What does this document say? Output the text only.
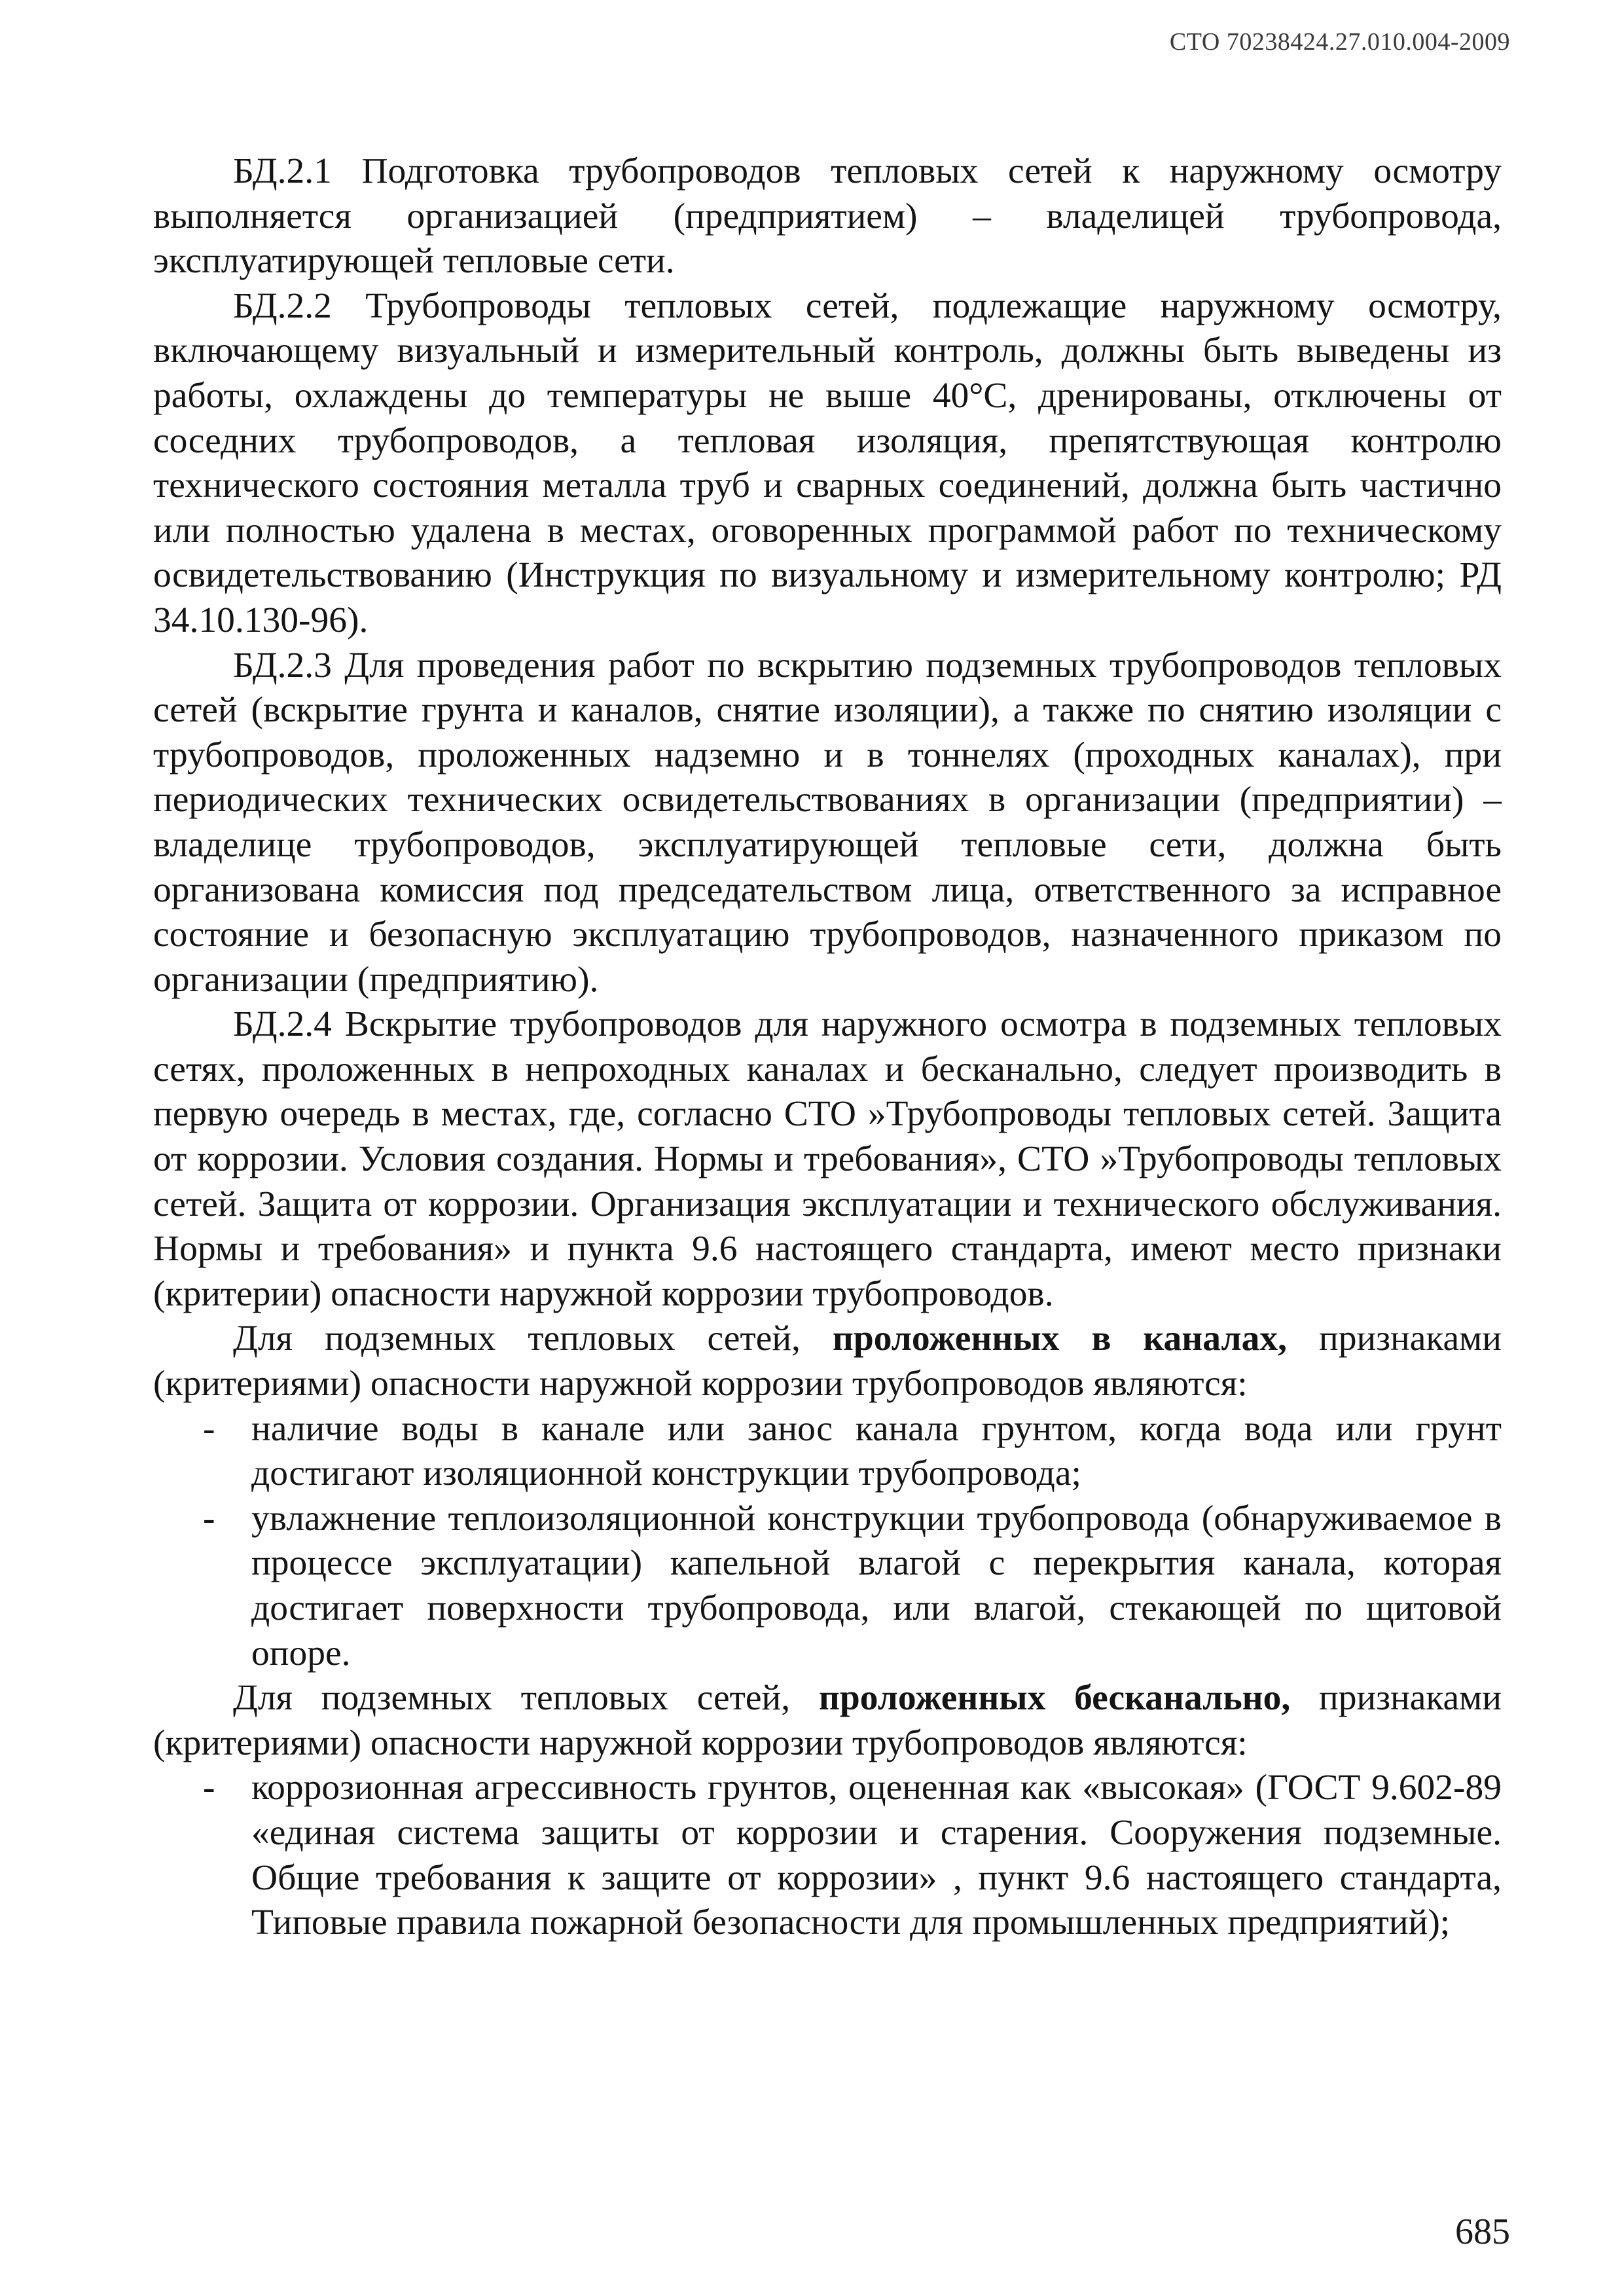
СТО 70238424.27.010.004-2009

БД.2.1 Подготовка трубопроводов тепловых сетей к наружному осмотру выполняется организацией (предприятием) – владелицей трубопровода, эксплуатирующей тепловые сети.

БД.2.2 Трубопроводы тепловых сетей, подлежащие наружному осмотру, включающему визуальный и измерительный контроль, должны быть выведены из работы, охлаждены до температуры не выше 40°С, дренированы, отключены от соседних трубопроводов, а тепловая изоляция, препятствующая контролю технического состояния металла труб и сварных соединений, должна быть частично или полностью удалена в местах, оговоренных программой работ по техническому освидетельствованию (Инструкция по визуальному и измерительному контролю; РД 34.10.130-96).

БД.2.3 Для проведения работ по вскрытию подземных трубопроводов тепловых сетей (вскрытие грунта и каналов, снятие изоляции), а также по снятию изоляции с трубопроводов, проложенных надземно и в тоннелях (проходных каналах), при периодических технических освидетельствованиях в организации (предприятии) – владелице трубопроводов, эксплуатирующей тепловые сети, должна быть организована комиссия под председательством лица, ответственного за исправное состояние и безопасную эксплуатацию трубопроводов, назначенного приказом по организации (предприятию).

БД.2.4 Вскрытие трубопроводов для наружного осмотра в подземных тепловых сетях, проложенных в непроходных каналах и бесканально, следует производить в первую очередь в местах, где, согласно СТО »Трубопроводы тепловых сетей. Защита от коррозии. Условия создания. Нормы и требования», СТО »Трубопроводы тепловых сетей. Защита от коррозии. Организация эксплуатации и технического обслуживания. Нормы и требования» и пункта 9.6 настоящего стандарта, имеют место признаки (критерии) опасности наружной коррозии трубопроводов.

Для подземных тепловых сетей, проложенных в каналах, признаками (критериями) опасности наружной коррозии трубопроводов являются:

- наличие воды в канале или занос канала грунтом, когда вода или грунт достигают изоляционной конструкции трубопровода;
- увлажнение теплоизоляционной конструкции трубопровода (обнаруживаемое в процессе эксплуатации) капельной влагой с перекрытия канала, которая достигает поверхности трубопровода, или влагой, стекающей по щитовой опоре.

Для подземных тепловых сетей, проложенных бесканально, признаками (критериями) опасности наружной коррозии трубопроводов являются:

- коррозионная агрессивность грунтов, оцененная как «высокая» (ГОСТ 9.602-89 «единая система защиты от коррозии и старения. Сооружения подземные. Общие требования к защите от коррозии» , пункт 9.6 настоящего стандарта, Типовые правила пожарной безопасности для промышленных предприятий);
685
